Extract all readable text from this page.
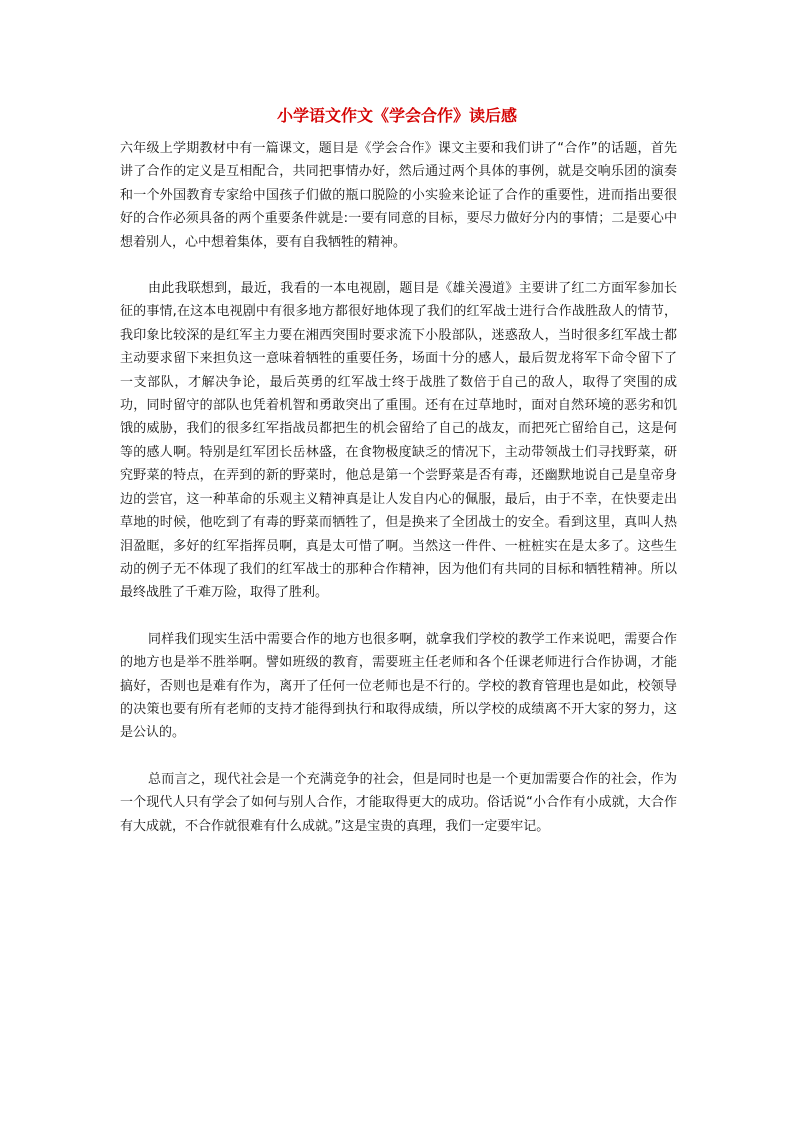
小学语文作文《学会合作》读后感

六年级上学期教材中有一篇课文，题目是《学会合作》课文主要和我们讲了“合作”的话题，首先讲了合作的定义是互相配合，共同把事情办好，然后通过两个具体的事例，就是交响乐团的演奏和一个外国教育专家给中国孩子们做的瓶口脱险的小实验来论证了合作的重要性，进而指出要很好的合作必须具备的两个重要条件就是:一要有同意的目标，要尽力做好分内的事情；二是要心中想着别人，心中想着集体，要有自我牺牲的精神。

由此我联想到，最近，我看的一本电视剧，题目是《雄关漫道》主要讲了红二方面军参加长征的事情,在这本电视剧中有很多地方都很好地体现了我们的红军战士进行合作战胜敌人的情节，我印象比较深的是红军主力要在湘西突围时要求流下小股部队，迷惑敌人，当时很多红军战士都主动要求留下来担负这一意味着牺牲的重要任务，场面十分的感人，最后贺龙将军下命令留下了一支部队，才解决争论，最后英勇的红军战士终于战胜了数倍于自己的敌人，取得了突围的成功，同时留守的部队也凭着机智和勇敢突出了重围。还有在过草地时，面对自然环境的恶劣和饥饿的威胁，我们的很多红军指战员都把生的机会留给了自己的战友，而把死亡留给自己，这是何等的感人啊。特别是红军团长岳林盛，在食物极度缺乏的情况下，主动带领战士们寻找野菜，研究野菜的特点，在弄到的新的野菜时，他总是第一个尝野菜是否有毒，还幽默地说自己是皇帝身边的尝官，这一种革命的乐观主义精神真是让人发自内心的佩服，最后，由于不幸，在快要走出草地的时候，他吃到了有毒的野菜而牺牲了，但是换来了全团战士的安全。看到这里，真叫人热泪盈眶，多好的红军指挥员啊，真是太可惜了啊。当然这一件件、一桩桩实在是太多了。这些生动的例子无不体现了我们的红军战士的那种合作精神，因为他们有共同的目标和牺牲精神。所以最终战胜了千难万险，取得了胜利。

同样我们现实生活中需要合作的地方也很多啊，就拿我们学校的教学工作来说吧，需要合作的地方也是举不胜举啊。譬如班级的教育，需要班主任老师和各个任课老师进行合作协调，才能搞好，否则也是难有作为，离开了任何一位老师也是不行的。学校的教育管理也是如此，校领导的决策也要有所有老师的支持才能得到执行和取得成绩，所以学校的成绩离不开大家的努力，这是公认的。

总而言之，现代社会是一个充满竞争的社会，但是同时也是一个更加需要合作的社会，作为一个现代人只有学会了如何与别人合作，才能取得更大的成功。俗话说“小合作有小成就，大合作有大成就，不合作就很难有什么成就。”这是宝贵的真理，我们一定要牢记。
